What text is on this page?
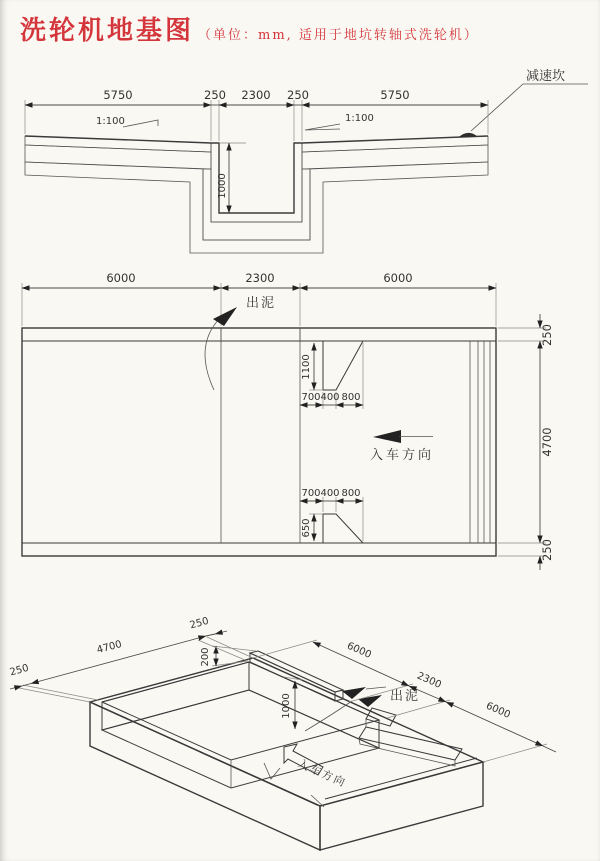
洗轮机地基图 （单位：mm, 适用于地坑转轴式洗轮机）
减速坎
5750	250 2300 250	5750
1:100	1:100
1000
1100
700 400 800
650
700 400 800
6000	2300	6000
250
4700
250
出泥
入车方向
200
1000	出泥
入车方向
250
4700
250
6000
2300
6000
